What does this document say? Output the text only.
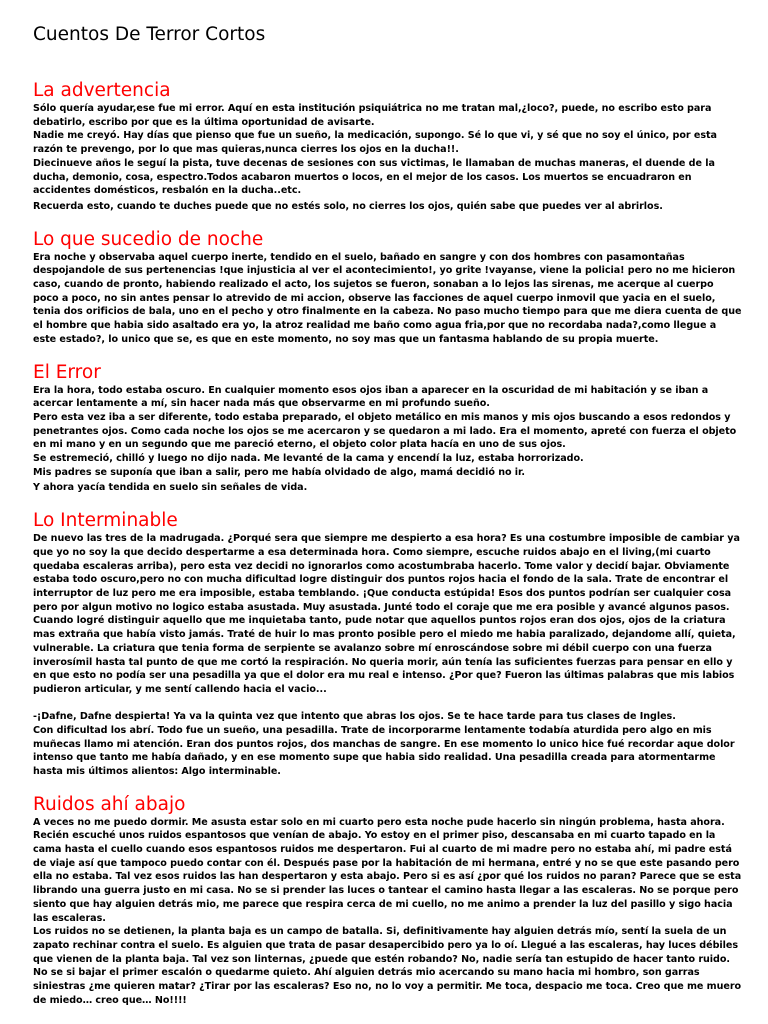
Cuentos De Terror Cortos
La advertencia

Sólo quería ayudar,ese fue mi error. Aquí en esta institución psiquiátrica no me tratan mal,¿loco?, puede, no escribo esto para debatirlo, escribo por que es la última oportunidad de avisarte.

Nadie me creyó. Hay días que pienso que fue un sueño, la medicación, supongo. Sé lo que vi, y sé que no soy el único, por esta razón te prevengo, por lo que mas quieras,nunca cierres los ojos en la ducha!!.

Diecinueve años le seguí la pista, tuve decenas de sesiones con sus victimas, le llamaban de muchas maneras, el duende de la ducha, demonio, cosa, espectro.Todos acabaron muertos o locos, en el mejor de los casos. Los muertos se encuadraron en accidentes domésticos, resbalón en la ducha..etc.

Recuerda esto, cuando te duches puede que no estés solo, no cierres los ojos, quién sabe que puedes ver al abrirlos.

Lo que sucedio de noche

Era noche y observaba aquel cuerpo inerte, tendido en el suelo, bañado en sangre y con dos hombres con pasamontañas despojandole de sus pertenencias !que injusticia al ver el acontecimiento!, yo grite !vayanse, viene la policia! pero no me hicieron caso, cuando de pronto, habiendo realizado el acto, los sujetos se fueron, sonaban a lo lejos las sirenas, me acerque al cuerpo poco a poco, no sin antes pensar lo atrevido de mi accion, observe las facciones de aquel cuerpo inmovil que yacia en el suelo, tenia dos orificios de bala, uno en el pecho y otro finalmente en la cabeza. No paso mucho tiempo para que me diera cuenta de que el hombre que habia sido asaltado era yo, la atroz realidad me baño como agua fria,por que no recordaba nada?,como llegue a este estado?, lo unico que se, es que en este momento, no soy mas que un fantasma hablando de su propia muerte.

El Error

Era la hora, todo estaba oscuro. En cualquier momento esos ojos iban a aparecer en la oscuridad de mi habitación y se iban a acercar lentamente a mí, sin hacer nada más que observarme en mi profundo sueño.

Pero esta vez iba a ser diferente, todo estaba preparado, el objeto metálico en mis manos y mis ojos buscando a esos redondos y penetrantes ojos. Como cada noche los ojos se me acercaron y se quedaron a mi lado. Era el momento, apreté con fuerza el objeto en mi mano y en un segundo que me pareció eterno, el objeto color plata hacía en uno de sus ojos.

Se estremeció, chilló y luego no dijo nada. Me levanté de la cama y encendí la luz, estaba horrorizado.

Mis padres se suponía que iban a salir, pero me había olvidado de algo, mamá decidió no ir.

Y ahora yacía tendida en suelo sin señales de vida.

Lo Interminable

De nuevo las tres de la madrugada. ¿Porqué sera que siempre me despierto a esa hora? Es una costumbre imposible de cambiar ya que yo no soy la que decido despertarme a esa determinada hora. Como siempre, escuche ruidos abajo en el living,(mi cuarto quedaba escaleras arriba), pero esta vez decidi no ignorarlos como acostumbraba hacerlo. Tome valor y decidí bajar. Obviamente estaba todo oscuro,pero no con mucha dificultad logre distinguir dos puntos rojos hacia el fondo de la sala. Trate de encontrar el interruptor de luz pero me era imposible, estaba temblando. ¡Que conducta estúpida! Esos dos puntos podrían ser cualquier cosa pero por algun motivo no logico estaba asustada. Muy asustada. Junté todo el coraje que me era posible y avancé algunos pasos. Cuando logré distinguir aquello que me inquietaba tanto, pude notar que aquellos puntos rojos eran dos ojos, ojos de la criatura mas extraña que había visto jamás. Traté de huir lo mas pronto posible pero el miedo me habia paralizado, dejandome allí, quieta, vulnerable. La criatura que tenia forma de serpiente se avalanzo sobre mí enroscándose sobre mi débil cuerpo con una fuerza inverosímil hasta tal punto de que me cortó la respiración. No queria morir, aún tenía las suficientes fuerzas para pensar en ello y en que esto no podía ser una pesadilla ya que el dolor era mu real e intenso. ¿Por que? Fueron las últimas palabras que mis labios pudieron articular, y me sentí callendo hacia el vacio...

-¡Dafne, Dafne despierta! Ya va la quinta vez que intento que abras los ojos. Se te hace tarde para tus clases de Ingles.

Con dificultad los abrí. Todo fue un sueño, una pesadilla. Trate de incorporarme lentamente todabía aturdida pero algo en mis muñecas llamo mi atención. Eran dos puntos rojos, dos manchas de sangre. En ese momento lo unico hice fué recordar aque dolor intenso que tanto me había dañado, y en ese momento supe que habia sido realidad. Una pesadilla creada para atormentarme hasta mis últimos alientos: Algo interminable.

Ruidos ahí abajo

A veces no me puedo dormir. Me asusta estar solo en mi cuarto pero esta noche pude hacerlo sin ningún problema, hasta ahora. Recién escuché unos ruidos espantosos que venían de abajo. Yo estoy en el primer piso, descansaba en mi cuarto tapado en la cama hasta el cuello cuando esos espantosos ruidos me despertaron. Fui al cuarto de mi madre pero no estaba ahí, mi padre está de viaje así que tampoco puedo contar con él. Después pase por la habitación de mi hermana, entré y no se que este pasando pero ella no estaba. Tal vez esos ruidos las han despertaron y esta abajo. Pero si es así ¿por qué los ruidos no paran? Parece que se esta librando una guerra justo en mi casa. No se si prender las luces o tantear el camino hasta llegar a las escaleras. No se porque pero siento que hay alguien detrás mio, me parece que respira cerca de mi cuello, no me animo a prender la luz del pasillo y sigo hacia las escaleras.

Los ruidos no se detienen, la planta baja es un campo de batalla. Si, definitivamente hay alguien detrás mío, sentí la suela de un zapato rechinar contra el suelo. Es alguien que trata de pasar desapercibido pero ya lo oí. Llegué a las escaleras, hay luces débiles que vienen de la planta baja. Tal vez son linternas, ¿puede que estén robando? No, nadie sería tan estupido de hacer tanto ruido. No se si bajar el primer escalón o quedarme quieto. Ahí alguien detrás mio acercando su mano hacia mi hombro, son garras siniestras ¿me quieren matar? ¿Tirar por las escaleras? Eso no, no lo voy a permitir. Me toca, despacio me toca. Creo que me muero de miedo… creo que… No!!!!
